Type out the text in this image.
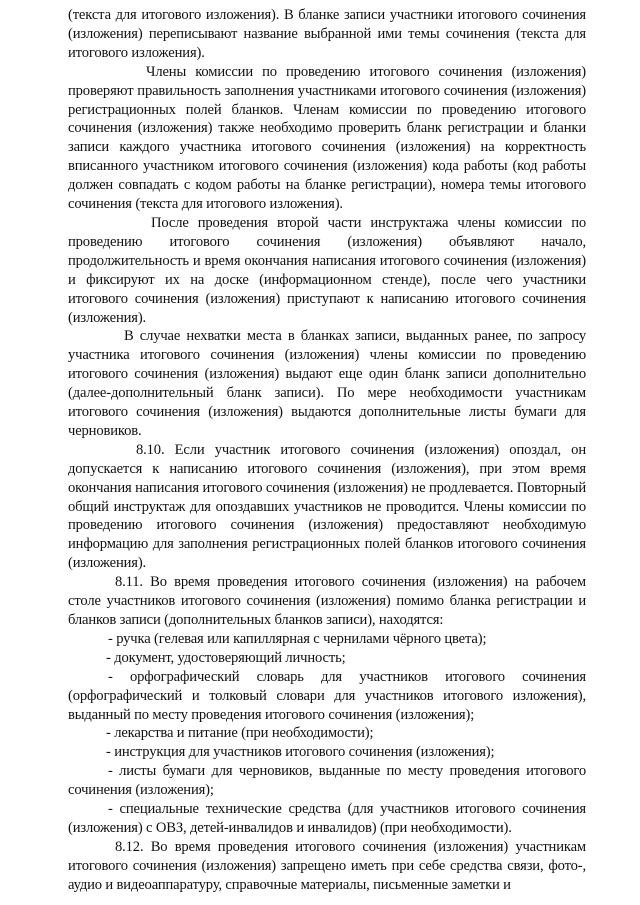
(текста для итогового изложения). В бланке записи участники итогового сочинения (изложения) переписывают название выбранной ими темы сочинения (текста для итогового изложения).

Члены комиссии по проведению итогового сочинения (изложения) проверяют правильность заполнения участниками итогового сочинения (изложения) регистрационных полей бланков. Членам комиссии по проведению итогового сочинения (изложения) также необходимо проверить бланк регистрации и бланки записи каждого участника итогового сочинения (изложения) на корректность вписанного участником итогового сочинения (изложения) кода работы (код работы должен совпадать с кодом работы на бланке регистрации), номера темы итогового сочинения (текста для итогового изложения).

После проведения второй части инструктажа члены комиссии по проведению итогового сочинения (изложения) объявляют начало, продолжительность и время окончания написания итогового сочинения (изложения) и фиксируют их на доске (информационном стенде), после чего участники итогового сочинения (изложения) приступают к написанию итогового сочинения (изложения).

В случае нехватки места в бланках записи, выданных ранее, по запросу участника итогового сочинения (изложения) члены комиссии по проведению итогового сочинения (изложения) выдают еще один бланк записи дополнительно (далее-дополнительный бланк записи). По мере необходимости участникам итогового сочинения (изложения) выдаются дополнительные листы бумаги для черновиков.

8.10. Если участник итогового сочинения (изложения) опоздал, он допускается к написанию итогового сочинения (изложения), при этом время окончания написания итогового сочинения (изложения) не продлевается. Повторный общий инструктаж для опоздавших участников не проводится. Члены комиссии по проведению итогового сочинения (изложения) предоставляют необходимую информацию для заполнения регистрационных полей бланков итогового сочинения (изложения).

8.11. Во время проведения итогового сочинения (изложения) на рабочем столе участников итогового сочинения (изложения) помимо бланка регистрации и бланков записи (дополнительных бланков записи), находятся:

- ручка (гелевая или капиллярная с чернилами чёрного цвета);

- документ, удостоверяющий личность;

- орфографический словарь для участников итогового сочинения (орфографический и толковый словари для участников итогового изложения), выданный по месту проведения итогового сочинения (изложения);

- лекарства и питание (при необходимости);

- инструкция для участников итогового сочинения (изложения);

- листы бумаги для черновиков, выданные по месту проведения итогового сочинения (изложения);

- специальные технические средства (для участников итогового сочинения (изложения) с ОВЗ, детей-инвалидов и инвалидов) (при необходимости).

8.12. Во время проведения итогового сочинения (изложения) участникам итогового сочинения (изложения) запрещено иметь при себе средства связи, фото-, аудио и видеоаппаратуру, справочные материалы, письменные заметки и
